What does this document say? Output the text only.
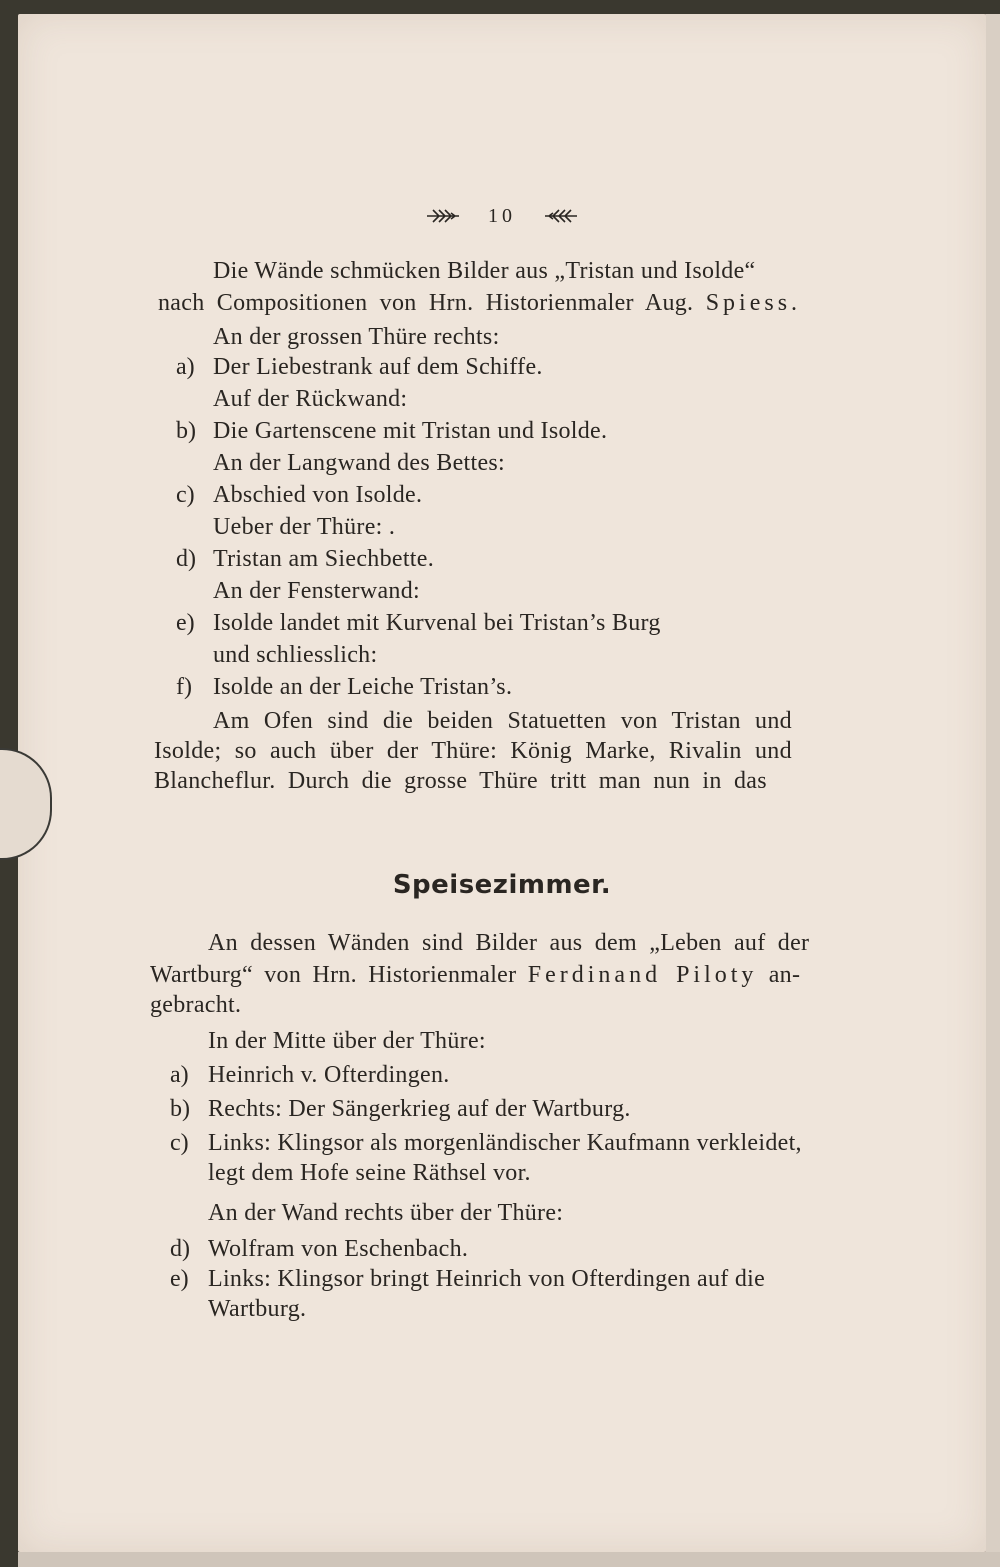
10
Die Wände schmücken Bilder aus „Tristan und Isolde“
nach Compositionen von Hrn. Historienmaler Aug. Spiess.
An der grossen Thüre rechts:
a) Der Liebestrank auf dem Schiffe.
Auf der Rückwand:
b) Die Gartenscene mit Tristan und Isolde.
An der Langwand des Bettes:
c) Abschied von Isolde.
Ueber der Thüre: .
d) Tristan am Siechbette.
An der Fensterwand:
e) Isolde landet mit Kurvenal bei Tristan’s Burg
und schliesslich:
f) Isolde an der Leiche Tristan’s.
Am Ofen sind die beiden Statuetten von Tristan und
Isolde; so auch über der Thüre: König Marke, Rivalin und
Blancheflur. Durch die grosse Thüre tritt man nun in das
Speisezimmer.
An dessen Wänden sind Bilder aus dem „Leben auf der
Wartburg“ von Hrn. Historienmaler Ferdinand Piloty an-
gebracht.
In der Mitte über der Thüre:
a) Heinrich v. Ofterdingen.
b) Rechts: Der Sängerkrieg auf der Wartburg.
c) Links: Klingsor als morgenländischer Kaufmann verkleidet,
legt dem Hofe seine Räthsel vor.
An der Wand rechts über der Thüre:
d) Wolfram von Eschenbach.
e) Links: Klingsor bringt Heinrich von Ofterdingen auf die
Wartburg.
